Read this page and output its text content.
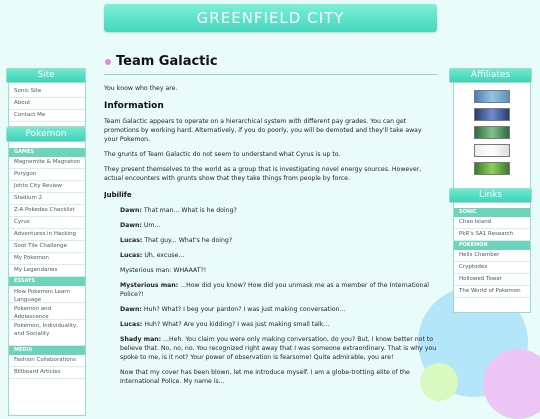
GREENFIELD CITY
Sonic Site
About
Contact Me
Site
GAMES
Magnemite & Magneton
Porygon
Johto City Review
Stadium 2
Z-A Pokedex Checklist
Cyrus
Adventures in Hacking
Soot Tile Challenge
My Pokemon
My Legendaries
ESSAYS
How Pokemon Learn Language
Pokemon and Adolescence
Pokémon, Individuality, and Sociality
MEDIA
Fashion Collaborations
Billboard Articles
Pokemon
Affiliates
SONIC
Chao Island
PkR's SA1 Research
POKEMON
Hells Chamber
Cryptodex
Hollowed Tower
The World of Pokemon
Links
Team Galactic

You know who they are.

Information

Team Galactic appears to operate on a hierarchical system with different pay grades. You can get promotions by working hard. Alternatively, if you do poorly, you will be demoted and they'll take away your Pokemon.

The grunts of Team Galactic do not seem to understand what Cyrus is up to.

They present themselves to the world as a group that is investigating novel energy sources. However, actual encounters with grunts show that they take things from people by force.

Jubilife

Dawn: That man... What is he doing?

Dawn: Um...

Lucas: That guy... What's he doing?

Lucas: Uh, excuse...

Mysterious man: WHAAAT?!

Mysterious man: ...How did you know? How did you unmask me as a member of the International Police?!

Dawn: Huh? What? I beg your pardon? I was just making conversation...

Lucas: Huh? What? Are you kidding? I was just making small talk...

Shady man: ...Heh. You claim you were only making conversation, do you? But, I know better not to believe that. No, no, no. You recognized right away that I was someone extraordinary. That is why you spoke to me, is it not? Your power of observation is fearsome! Quite admirable, you are!

Now that my cover has been blown, let me introduce myself. I am a globe-trotting elite of the International Police. My name is...
